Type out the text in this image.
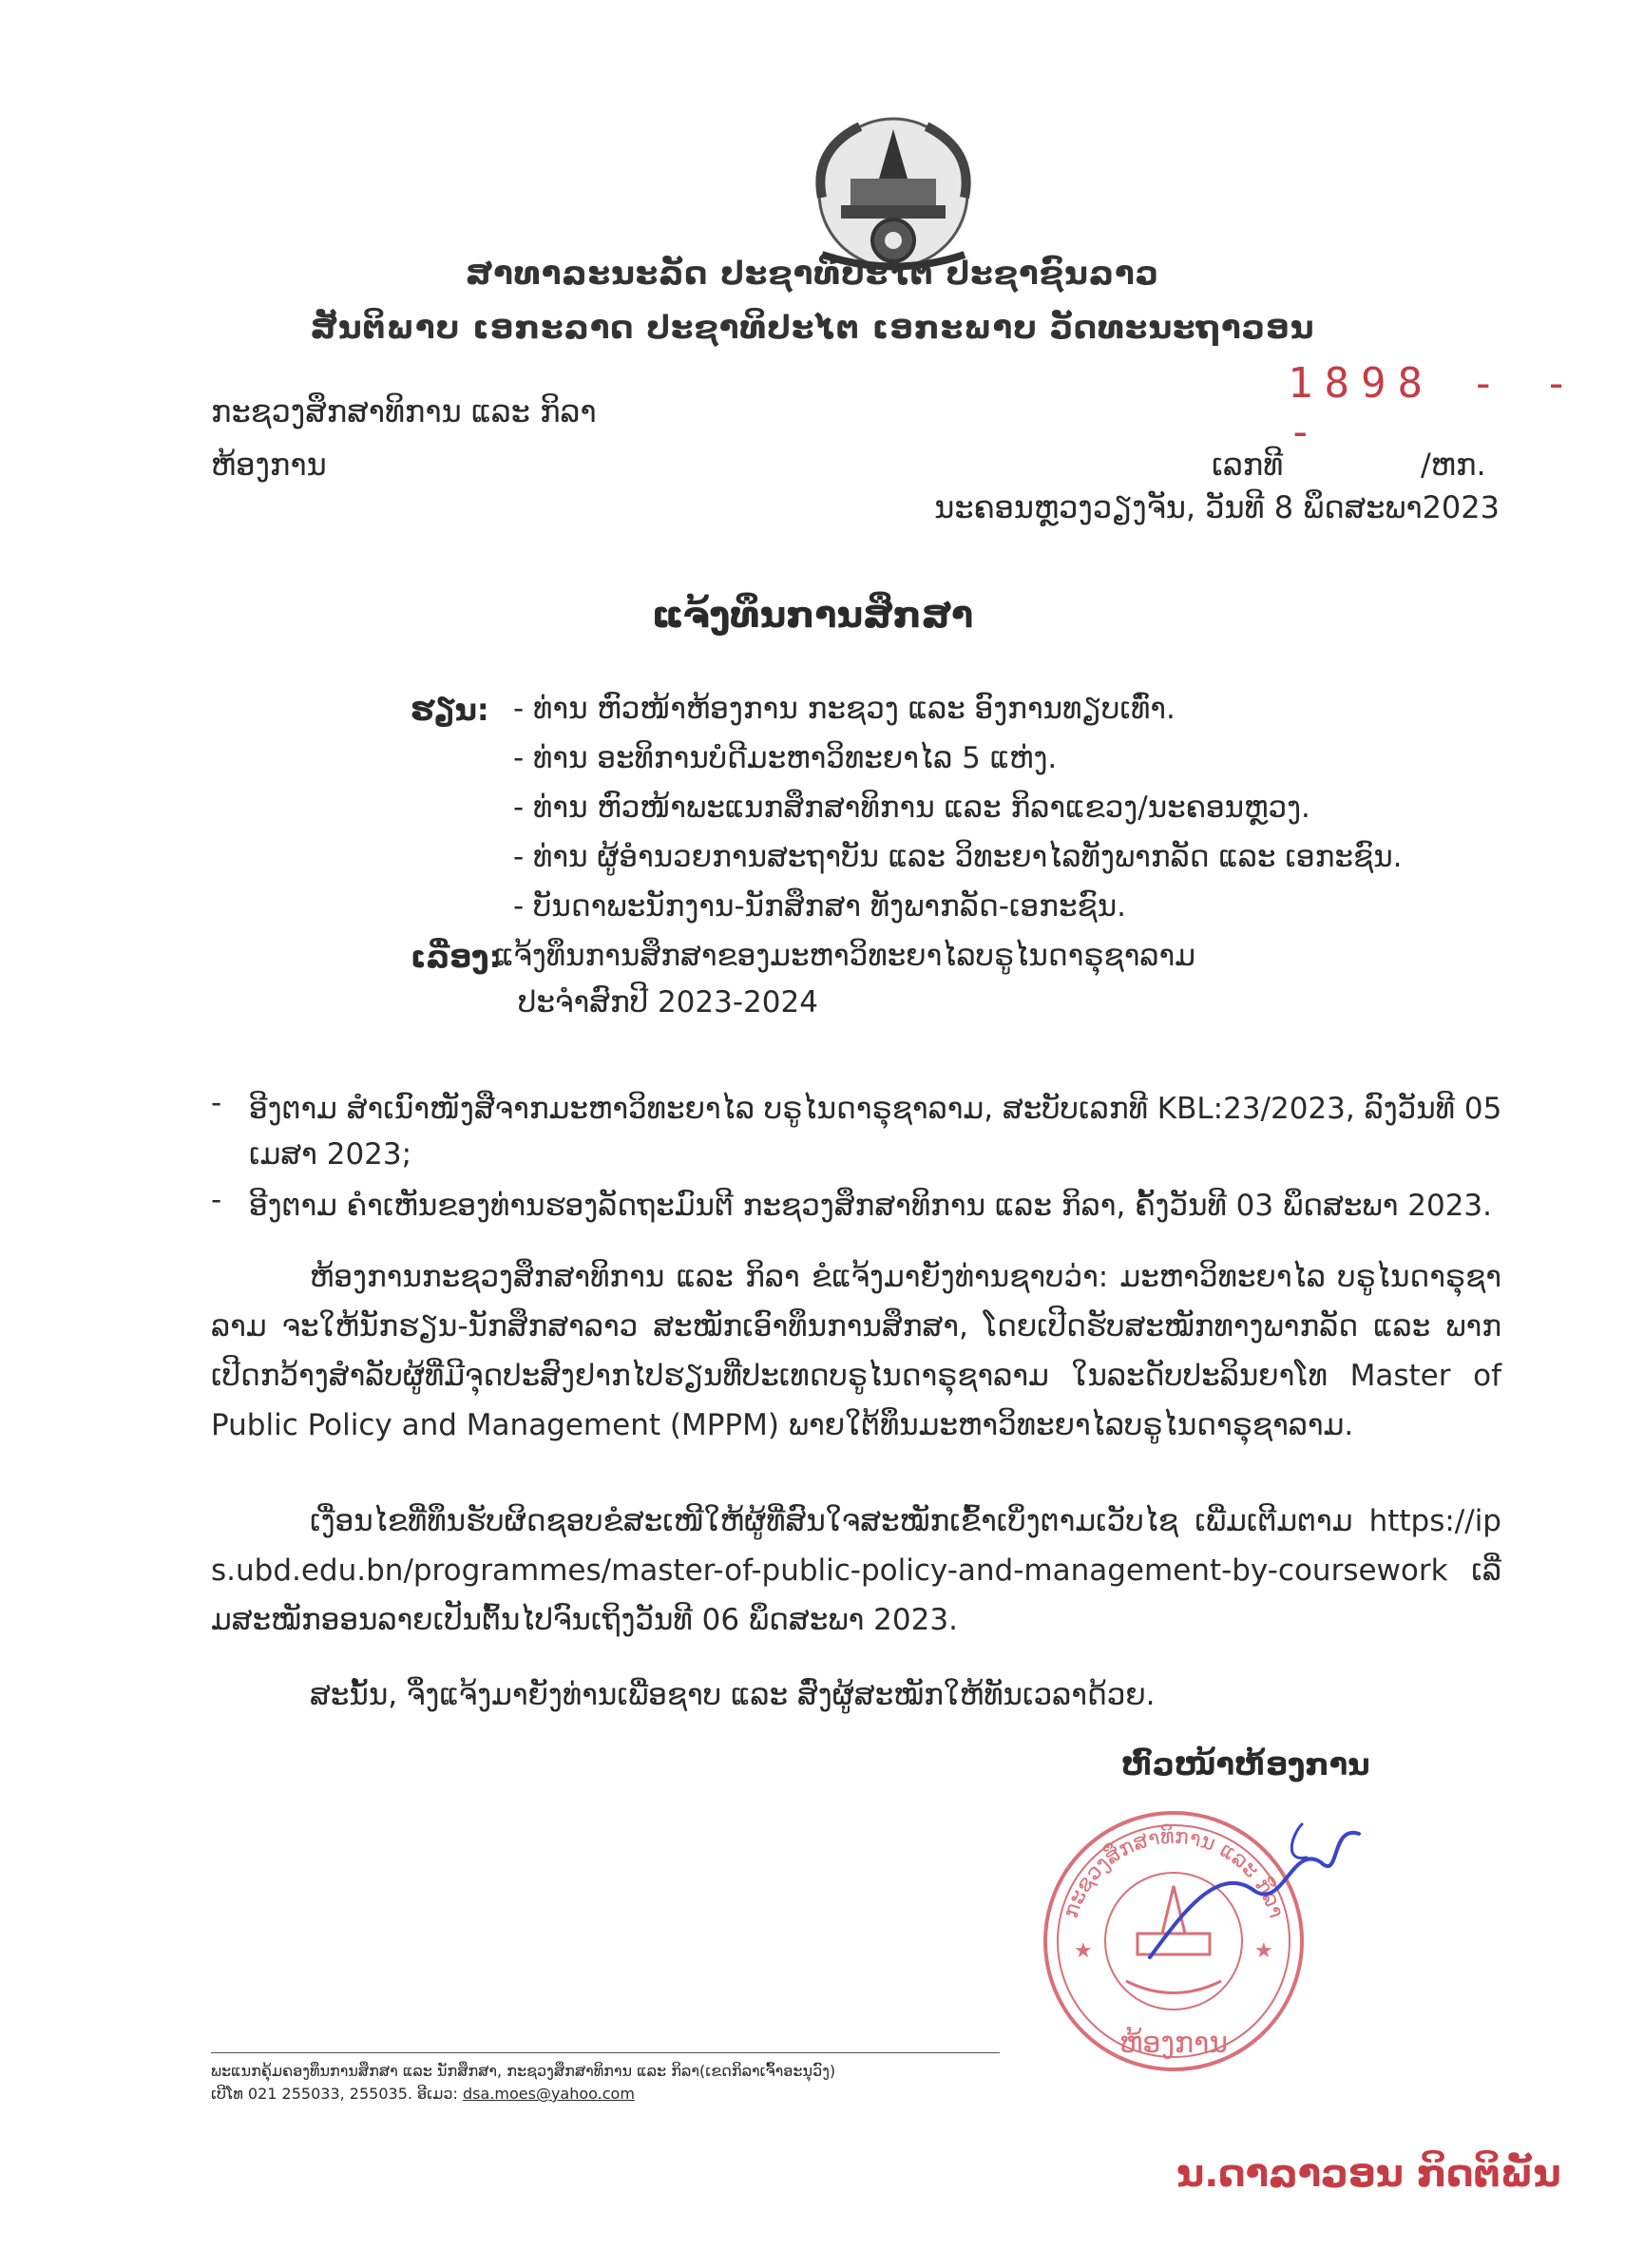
ສາທາລະນະລັດ ປະຊາທິປະໄຕ ປະຊາຊົນລາວ
ສັນຕິພາບ ເອກະລາດ ປະຊາທິປະໄຕ ເອກະພາບ ວັດທະນະຖາວອນ
1898 - - -
ກະຊວງສຶກສາທິການ ແລະ ກິລາ
ຫ້ອງການ	ເລກທີ	/ຫກ.
ນະຄອນຫຼວງວຽງຈັນ, ວັນທີ 8 ພຶດສະພາ2023
ແຈ້ງທຶນການສຶກສາ
ຮຽນ: - ທ່ານ ຫົວໜ້າຫ້ອງການ ກະຊວງ ແລະ ອົງການທຽບເທົ່າ.
- ທ່ານ ອະທິການບໍດີມະຫາວິທະຍາໄລ 5 ແຫ່ງ.
- ທ່ານ ຫົວໜ້າພະແນກສຶກສາທິການ ແລະ ກິລາແຂວງ/ນະຄອນຫຼວງ.
- ທ່ານ ຜູ້ອຳນວຍການສະຖາບັນ ແລະ ວິທະຍາໄລທັງພາກລັດ ແລະ ເອກະຊົນ.
- ບັນດາພະນັກງານ-ນັກສຶກສາ ທັງພາກລັດ-ເອກະຊົນ.
ເລື່ອງ:
ແຈ້ງທຶນການສຶກສາຂອງມະຫາວິທະຍາໄລບຣູໄນດາຣຸຊາລາມ
ປະຈຳສົກປີ 2023-2024
- ອີງຕາມ ສຳເນົາໜັງສືຈາກມະຫາວິທະຍາໄລ ບຣູໄນດາຣຸຊາລາມ, ສະບັບເລກທີ KBL:23/2023, ລົງວັນທີ 05 ເມສາ 2023;
- ອີງຕາມ ຄຳເຫັນຂອງທ່ານຮອງລັດຖະມົນຕີ ກະຊວງສຶກສາທິການ ແລະ ກິລາ, ຄັ້ງວັນທີ 03 ພຶດສະພາ 2023.
ຫ້ອງການກະຊວງສຶກສາທິການ ແລະ ກິລາ ຂໍແຈ້ງມາຍັງທ່ານຊາບວ່າ: ມະຫາວິທະຍາໄລ ບຣູໄນດາຣຸຊາລາມ ຈະໃຫ້ນັກຮຽນ-ນັກສຶກສາລາວ ສະໝັກເອົາທຶນການສຶກສາ, ໂດຍເປີດຮັບສະໝັກທາງພາກລັດ ແລະ ພາກເປີດກວ້າງສຳລັບຜູ້ທີ່ມີຈຸດປະສົງຢາກໄປຮຽນທີ່ປະເທດບຣູໄນດາຣຸຊາລາມ ໃນລະດັບປະລິນຍາໂທ Master of Public Policy and Management (MPPM) ພາຍໃຕ້ທຶນມະຫາວິທະຍາໄລບຣູໄນດາຣຸຊາລາມ.
ເງື່ອນໄຂທີ່ທຶນຮັບຜິດຊອບຂໍສະເໜີໃຫ້ຜູ້ທີ່ສົນໃຈສະໝັກເຂົ້າເບິ່ງຕາມເວັບໄຊ ເພີ່ມເຕີມຕາມ https://ips.ubd.edu.bn/programmes/master-of-public-policy-and-management-by-coursework ເລີ່ມສະໝັກອອນລາຍເປັນຕົ້ນໄປຈົນເຖິງວັນທີ 06 ພຶດສະພາ 2023.
ສະນັ້ນ, ຈຶ່ງແຈ້ງມາຍັງທ່ານເພື່ອຊາບ ແລະ ສົ່ງຜູ້ສະໝັກໃຫ້ທັນເວລາດ້ວຍ.
ຫົວໜ້າຫ້ອງການ
ກະຊວງສຶກສາທິການ ແລະ ກິລາ
ຫ້ອງການ
★	★
ພະແນກຄຸ້ມຄອງທຶນການສຶກສາ ແລະ ນັກສຶກສາ, ກະຊວງສຶກສາທິການ ແລະ ກິລາ(ເຂດກິລາເຈົ້າອະນຸວົງ)
ເບີໂທ 021 255033, 255035. ອີເມວ: dsa.moes@yahoo.com
ນ.ດາລາວອນ ກິດຕິພັນ
